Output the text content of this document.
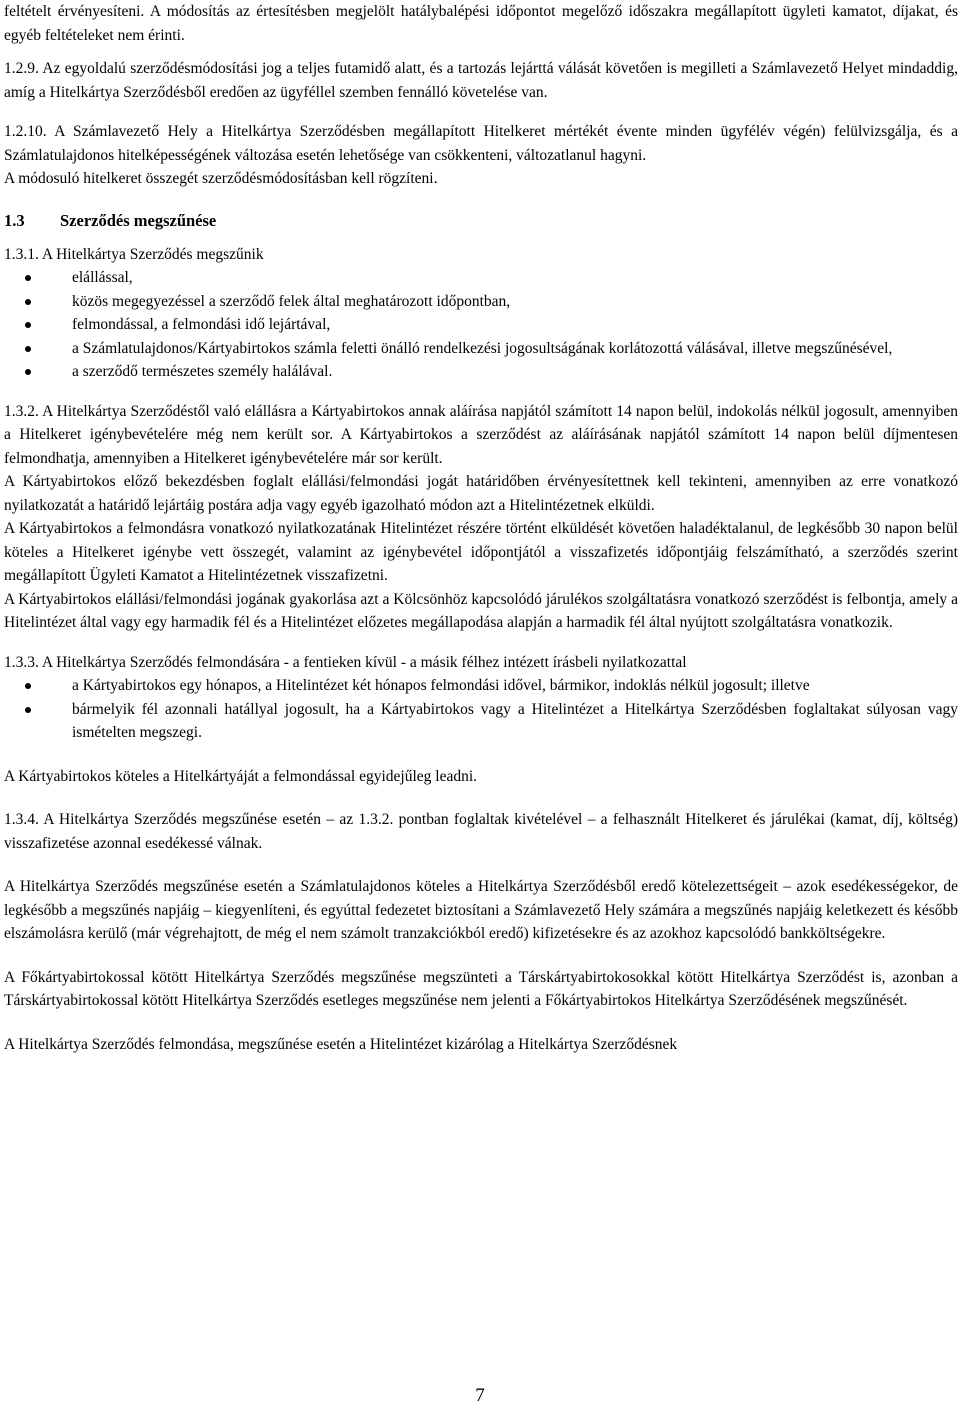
feltételt érvényesíteni. A módosítás az értesítésben megjelölt hatálybalépési időpontot megelőző időszakra megállapított ügyleti kamatot, díjakat, és egyéb feltételeket nem érinti.

1.2.9. Az egyoldalú szerződésmódosítási jog a teljes futamidő alatt, és a tartozás lejárttá válását követően is megilleti a Számlavezető Helyet mindaddig, amíg a Hitelkártya Szerződésből eredően az ügyféllel szemben fennálló követelése van.

1.2.10. A Számlavezető Hely a Hitelkártya Szerződésben megállapított Hitelkeret mértékét évente minden ügyfélév végén) felülvizsgálja, és a Számlatulajdonos hitelképességének változása esetén lehetősége van csökkenteni, változatlanul hagyni.

A módosuló hitelkeret összegét szerződésmódosításban kell rögzíteni.

1.3 Szerződés megszűnése

1.3.1. A Hitelkártya Szerződés megszűnik

elállással,
közös megegyezéssel a szerződő felek által meghatározott időpontban,
felmondással, a felmondási idő lejártával,
a Számlatulajdonos/Kártyabirtokos számla feletti önálló rendelkezési jogosultságának korlátozottá válásával, illetve megszűnésével,
a szerződő természetes személy halálával.

1.3.2. A Hitelkártya Szerződéstől való elállásra a Kártyabirtokos annak aláírása napjától számított 14 napon belül, indokolás nélkül jogosult, amennyiben a Hitelkeret igénybevételére még nem került sor. A Kártyabirtokos a szerződést az aláírásának napjától számított 14 napon belül díjmentesen felmondhatja, amennyiben a Hitelkeret igénybevételére már sor került.

A Kártyabirtokos előző bekezdésben foglalt elállási/felmondási jogát határidőben érvényesítettnek kell tekinteni, amennyiben az erre vonatkozó nyilatkozatát a határidő lejártáig postára adja vagy egyéb igazolható módon azt a Hitelintézetnek elküldi.

A Kártyabirtokos a felmondásra vonatkozó nyilatkozatának Hitelintézet részére történt elküldését követően haladéktalanul, de legkésőbb 30 napon belül köteles a Hitelkeret igénybe vett összegét, valamint az igénybevétel időpontjától a visszafizetés időpontjáig felszámítható, a szerződés szerint megállapított Ügyleti Kamatot a Hitelintézetnek visszafizetni.

A Kártyabirtokos elállási/felmondási jogának gyakorlása azt a Kölcsönhöz kapcsolódó járulékos szolgáltatásra vonatkozó szerződést is felbontja, amely a Hitelintézet által vagy egy harmadik fél és a Hitelintézet előzetes megállapodása alapján a harmadik fél által nyújtott szolgáltatásra vonatkozik.

1.3.3. A Hitelkártya Szerződés felmondására - a fentieken kívül - a másik félhez intézett írásbeli nyilatkozattal

a Kártyabirtokos egy hónapos, a Hitelintézet két hónapos felmondási idővel, bármikor, indoklás nélkül jogosult; illetve
bármelyik fél azonnali hatállyal jogosult, ha a Kártyabirtokos vagy a Hitelintézet a Hitelkártya Szerződésben foglaltakat súlyosan vagy ismételten megszegi.

A Kártyabirtokos köteles a Hitelkártyáját a felmondással egyidejűleg leadni.

1.3.4. A Hitelkártya Szerződés megszűnése esetén – az 1.3.2. pontban foglaltak kivételével – a felhasznált Hitelkeret és járulékai (kamat, díj, költség) visszafizetése azonnal esedékessé válnak.

A Hitelkártya Szerződés megszűnése esetén a Számlatulajdonos köteles a Hitelkártya Szerződésből eredő kötelezettségeit – azok esedékességekor, de legkésőbb a megszűnés napjáig – kiegyenlíteni, és egyúttal fedezetet biztosítani a Számlavezető Hely számára a megszűnés napjáig keletkezett és később elszámolásra kerülő (már végrehajtott, de még el nem számolt tranzakciókból eredő) kifizetésekre és az azokhoz kapcsolódó bankköltségekre.

A Főkártyabirtokossal kötött Hitelkártya Szerződés megszűnése megszünteti a Társkártyabirtokosokkal kötött Hitelkártya Szerződést is, azonban a Társkártyabirtokossal kötött Hitelkártya Szerződés esetleges megszűnése nem jelenti a Főkártyabirtokos Hitelkártya Szerződésének megszűnését.

A Hitelkártya Szerződés felmondása, megszűnése esetén a Hitelintézet kizárólag a Hitelkártya Szerződésnek

7
